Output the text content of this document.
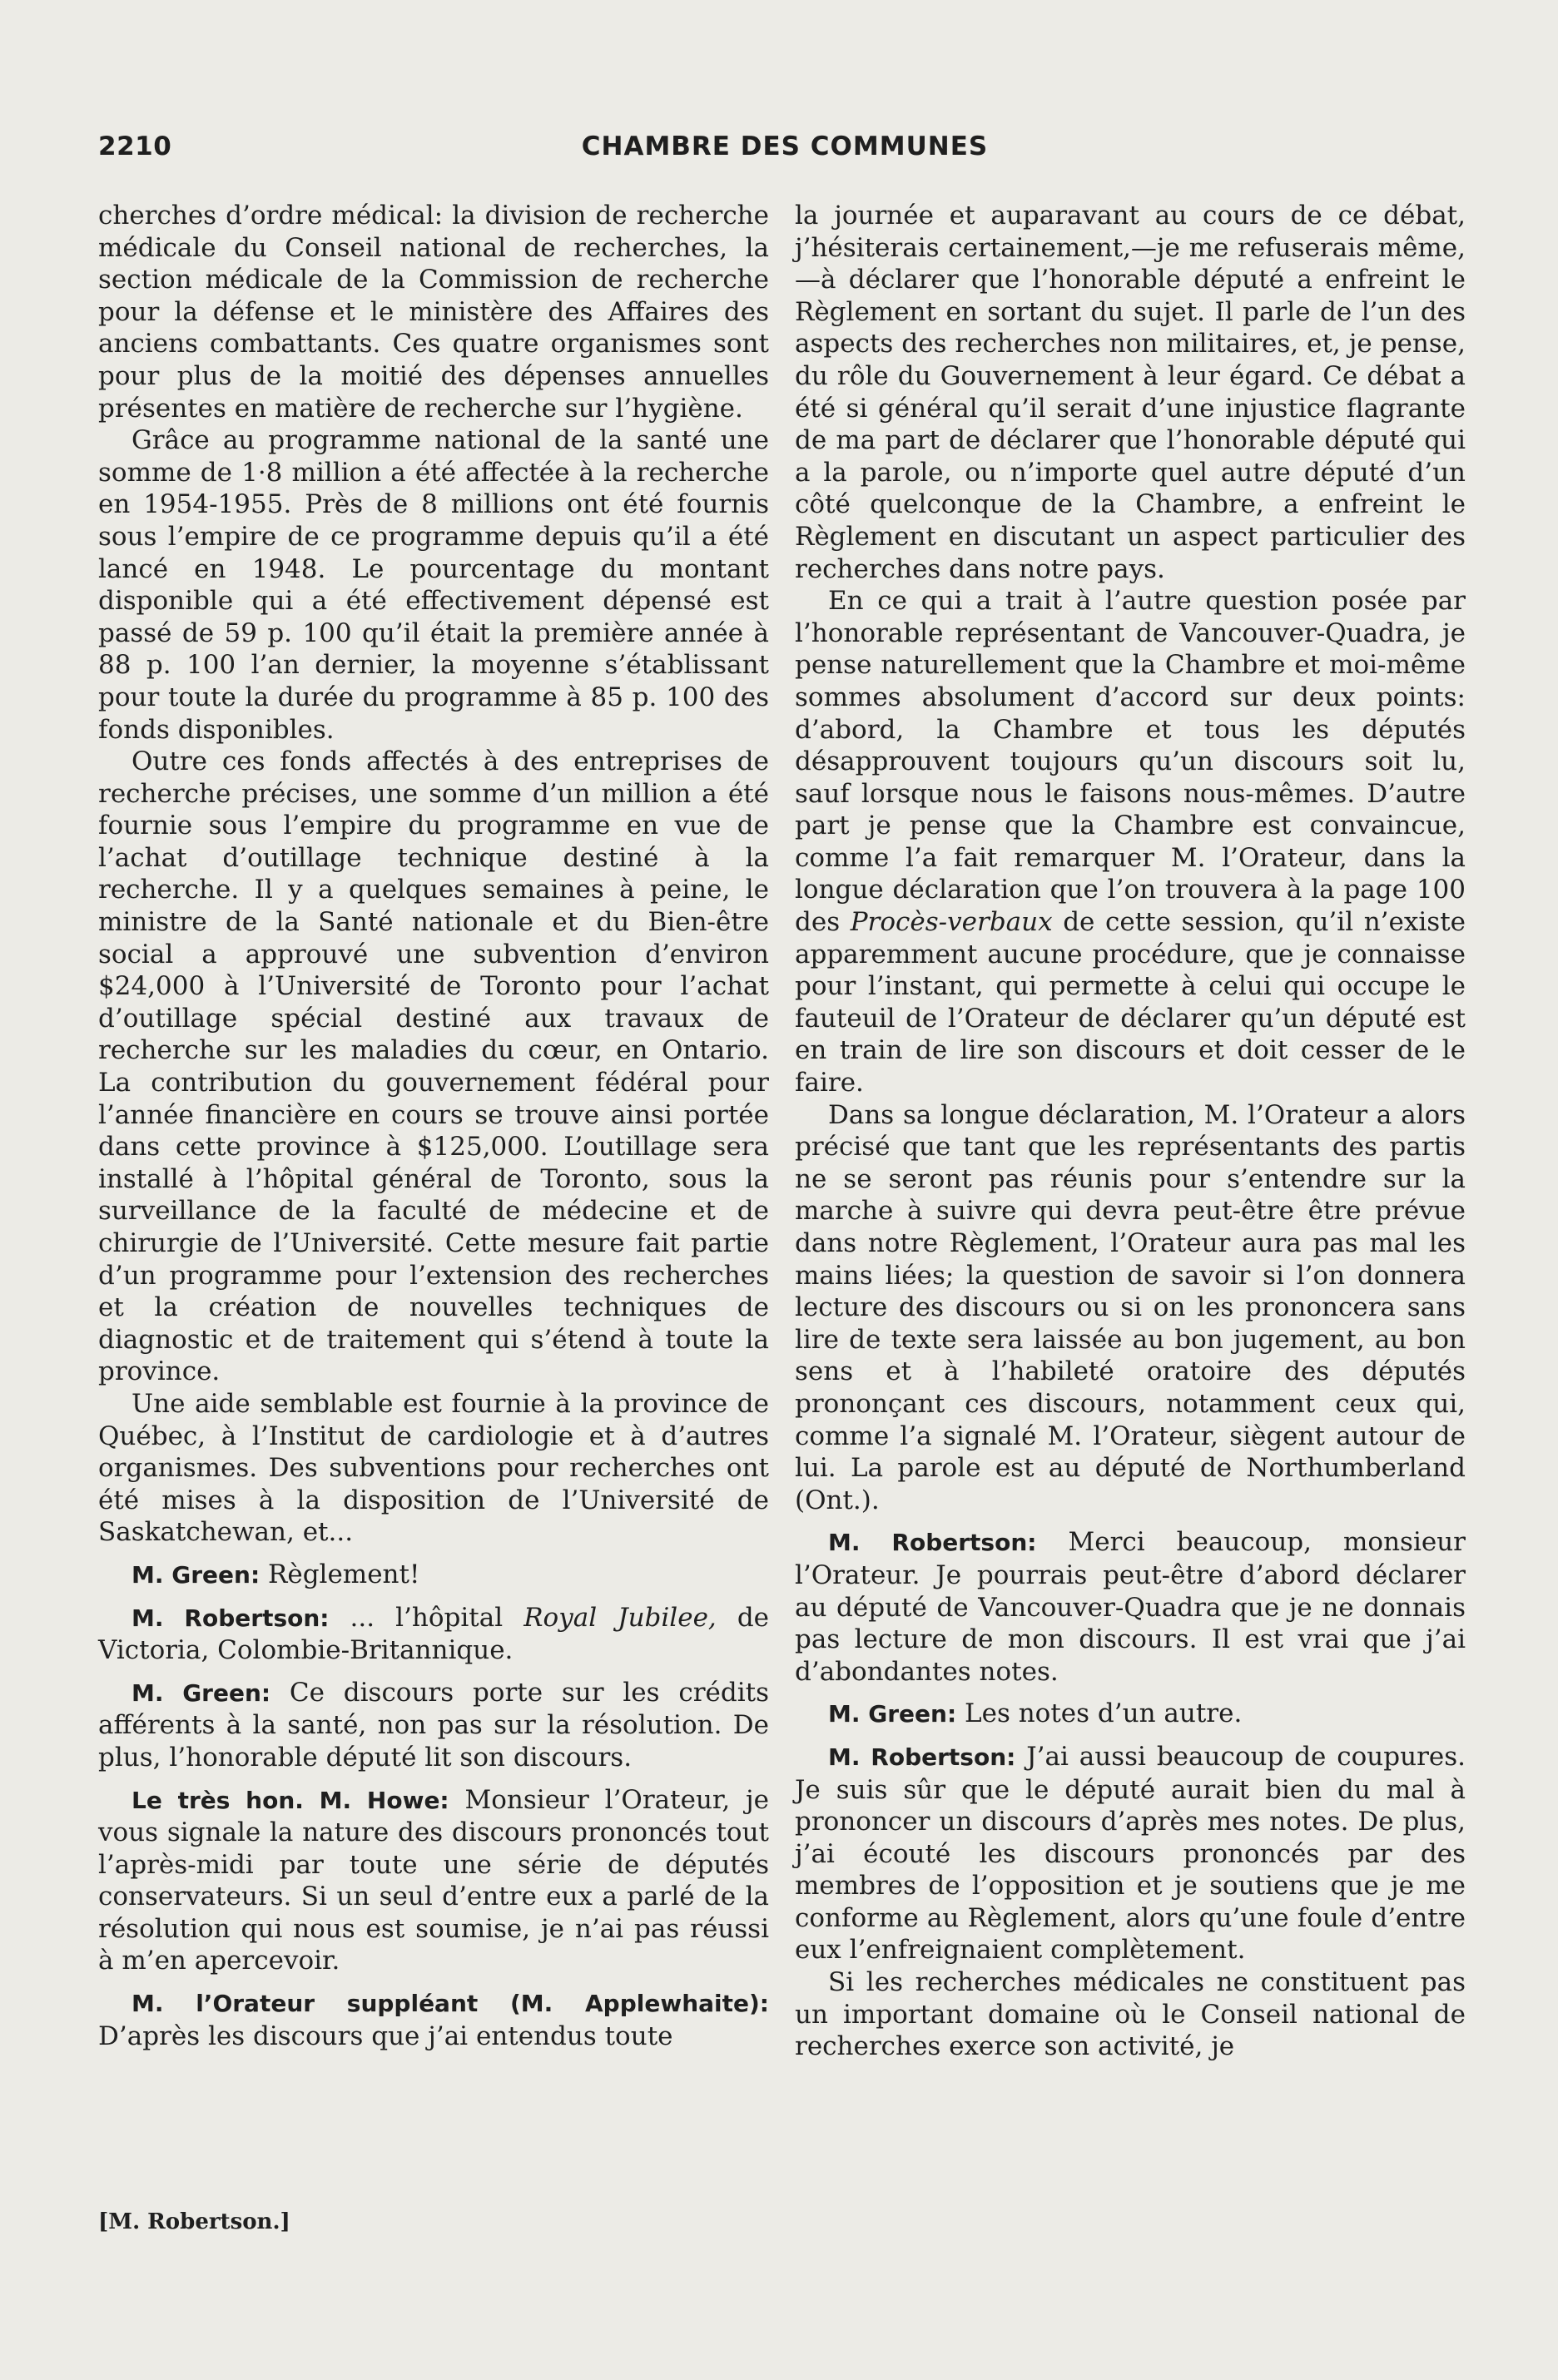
2210	CHAMBRE DES COMMUNES

cherches d’ordre médical: la division de recherche médicale du Conseil national de recherches, la section médicale de la Commission de recherche pour la défense et le ministère des Affaires des anciens combattants. Ces quatre organismes sont pour plus de la moitié des dépenses annuelles présentes en matière de recherche sur l’hygiène.

Grâce au programme national de la santé une somme de 1·8 million a été affectée à la recherche en 1954-1955. Près de 8 millions ont été fournis sous l’empire de ce programme depuis qu’il a été lancé en 1948. Le pourcentage du montant disponible qui a été effectivement dépensé est passé de 59 p. 100 qu’il était la première année à 88 p. 100 l’an dernier, la moyenne s’établissant pour toute la durée du programme à 85 p. 100 des fonds disponibles.

Outre ces fonds affectés à des entreprises de recherche précises, une somme d’un million a été fournie sous l’empire du programme en vue de l’achat d’outillage technique destiné à la recherche. Il y a quelques semaines à peine, le ministre de la Santé nationale et du Bien-être social a approuvé une subvention d’environ $24,000 à l’Université de Toronto pour l’achat d’outillage spécial destiné aux travaux de recherche sur les maladies du cœur, en Ontario. La contribution du gouvernement fédéral pour l’année financière en cours se trouve ainsi portée dans cette province à $125,000. L’outillage sera installé à l’hôpital général de Toronto, sous la surveillance de la faculté de médecine et de chirurgie de l’Université. Cette mesure fait partie d’un programme pour l’extension des recherches et la création de nouvelles techniques de diagnostic et de traitement qui s’étend à toute la province.

Une aide semblable est fournie à la province de Québec, à l’Institut de cardiologie et à d’autres organismes. Des subventions pour recherches ont été mises à la disposition de l’Université de Saskatchewan, et...

M. Green: Règlement!

M. Robertson: ... l’hôpital Royal Jubilee, de Victoria, Colombie-Britannique.

M. Green: Ce discours porte sur les crédits afférents à la santé, non pas sur la résolution. De plus, l’honorable député lit son discours.

Le très hon. M. Howe: Monsieur l’Orateur, je vous signale la nature des discours prononcés tout l’après-midi par toute une série de députés conservateurs. Si un seul d’entre eux a parlé de la résolution qui nous est soumise, je n’ai pas réussi à m’en apercevoir.

M. l’Orateur suppléant (M. Applewhaite): D’après les discours que j’ai entendus toute

la journée et auparavant au cours de ce débat, j’hésiterais certainement,—je me refuserais même,—à déclarer que l’honorable député a enfreint le Règlement en sortant du sujet. Il parle de l’un des aspects des recherches non militaires, et, je pense, du rôle du Gouvernement à leur égard. Ce débat a été si général qu’il serait d’une injustice flagrante de ma part de déclarer que l’honorable député qui a la parole, ou n’importe quel autre député d’un côté quelconque de la Chambre, a enfreint le Règlement en discutant un aspect particulier des recherches dans notre pays.

En ce qui a trait à l’autre question posée par l’honorable représentant de Vancouver-Quadra, je pense naturellement que la Chambre et moi-même sommes absolument d’accord sur deux points: d’abord, la Chambre et tous les députés désapprouvent toujours qu’un discours soit lu, sauf lorsque nous le faisons nous-mêmes. D’autre part je pense que la Chambre est convaincue, comme l’a fait remarquer M. l’Orateur, dans la longue déclaration que l’on trouvera à la page 100 des Procès-verbaux de cette session, qu’il n’existe apparemment aucune procédure, que je connaisse pour l’instant, qui permette à celui qui occupe le fauteuil de l’Orateur de déclarer qu’un député est en train de lire son discours et doit cesser de le faire.

Dans sa longue déclaration, M. l’Orateur a alors précisé que tant que les représentants des partis ne se seront pas réunis pour s’entendre sur la marche à suivre qui devra peut-être être prévue dans notre Règlement, l’Orateur aura pas mal les mains liées; la question de savoir si l’on donnera lecture des discours ou si on les prononcera sans lire de texte sera laissée au bon jugement, au bon sens et à l’habileté oratoire des députés prononçant ces discours, notamment ceux qui, comme l’a signalé M. l’Orateur, siègent autour de lui. La parole est au député de Northumberland (Ont.).

M. Robertson: Merci beaucoup, monsieur l’Orateur. Je pourrais peut-être d’abord déclarer au député de Vancouver-Quadra que je ne donnais pas lecture de mon discours. Il est vrai que j’ai d’abondantes notes.

M. Green: Les notes d’un autre.

M. Robertson: J’ai aussi beaucoup de coupures. Je suis sûr que le député aurait bien du mal à prononcer un discours d’après mes notes. De plus, j’ai écouté les discours prononcés par des membres de l’opposition et je soutiens que je me conforme au Règlement, alors qu’une foule d’entre eux l’enfreignaient complètement.

Si les recherches médicales ne constituent pas un important domaine où le Conseil national de recherches exerce son activité, je

[M. Robertson.]
